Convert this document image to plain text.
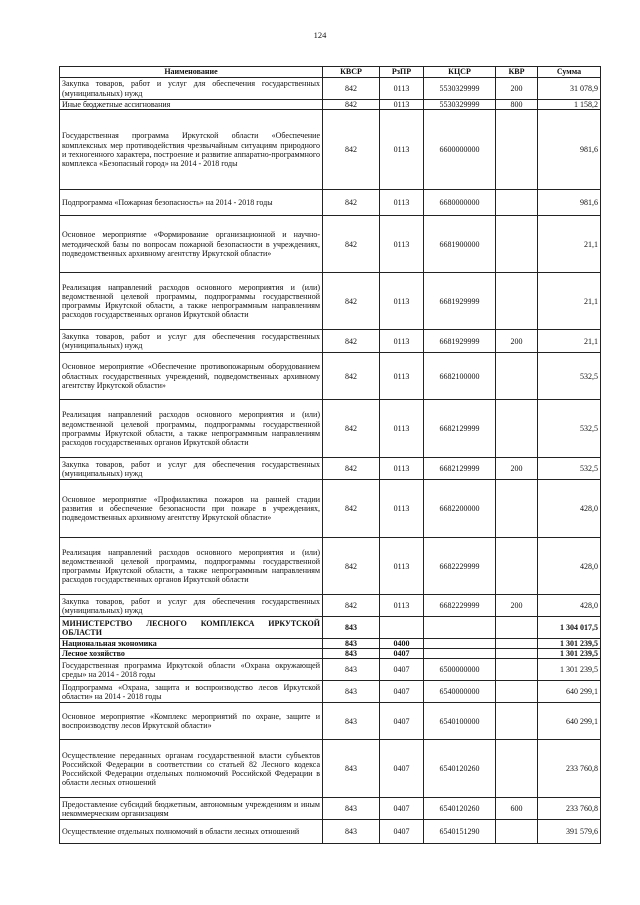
124
Наименование	КВСР	РзПР	КЦСР	КВР	Сумма
Закупка товаров, работ и услуг для обеспечения государственных (муниципальных) нужд	842	0113	5530329999	200	31 078,9
Иные бюджетные ассигнования	842	0113	5530329999	800	1 158,2
Государственная программа Иркутской области «Обеспечение комплексных мер противодействия чрезвычайным ситуациям природного и техногенного характера, построение и развитие аппаратно-программного комплекса «Безопасный город» на 2014 - 2018 годы	842	0113	6600000000		981,6
Подпрограмма «Пожарная безопасность» на 2014 - 2018 годы	842	0113	6680000000		981,6
Основное мероприятие «Формирование организационной и научно-методической базы по вопросам пожарной безопасности в учреждениях, подведомственных архивному агентству Иркутской области»	842	0113	6681900000		21,1
Реализация направлений расходов основного мероприятия и (или) ведомственной целевой программы, подпрограммы государственной программы Иркутской области, а также непрограммным направлениям расходов государственных органов Иркутской области	842	0113	6681929999		21,1
Закупка товаров, работ и услуг для обеспечения государственных (муниципальных) нужд	842	0113	6681929999	200	21,1
Основное мероприятие «Обеспечение противопожарным оборудованием областных государственных учреждений, подведомственных архивному агентству Иркутской области»	842	0113	6682100000		532,5
Реализация направлений расходов основного мероприятия и (или) ведомственной целевой программы, подпрограммы государственной программы Иркутской области, а также непрограммным направлениям расходов государственных органов Иркутской области	842	0113	6682129999		532,5
Закупка товаров, работ и услуг для обеспечения государственных (муниципальных) нужд	842	0113	6682129999	200	532,5
Основное мероприятие «Профилактика пожаров на ранней стадии развития и обеспечение безопасности при пожаре в учреждениях, подведомственных архивному агентству Иркутской области»	842	0113	6682200000		428,0
Реализация направлений расходов основного мероприятия и (или) ведомственной целевой программы, подпрограммы государственной программы Иркутской области, а также непрограммным направлениям расходов государственных органов Иркутской области	842	0113	6682229999		428,0
Закупка товаров, работ и услуг для обеспечения государственных (муниципальных) нужд	842	0113	6682229999	200	428,0
МИНИСТЕРСТВО ЛЕСНОГО КОМПЛЕКСА ИРКУТСКОЙ ОБЛАСТИ	843				1 304 017,5
Национальная экономика	843	0400			1 301 239,5
Лесное хозяйство	843	0407			1 301 239,5
Государственная программа Иркутской области «Охрана окружающей среды» на 2014 - 2018 годы	843	0407	6500000000		1 301 239,5
Подпрограмма «Охрана, защита и воспроизводство лесов Иркутской области» на 2014 - 2018 годы	843	0407	6540000000		640 299,1
Основное мероприятие «Комплекс мероприятий по охране, защите и воспроизводству лесов Иркутской области»	843	0407	6540100000		640 299,1
Осуществление переданных органам государственной власти субъектов Российской Федерации в соответствии со статьей 82 Лесного кодекса Российской Федерации отдельных полномочий Российской Федерации в области лесных отношений	843	0407	6540120260		233 760,8
Предоставление субсидий бюджетным, автономным учреждениям и иным некоммерческим организациям	843	0407	6540120260	600	233 760,8
Осуществление отдельных полномочий в области лесных отношений	843	0407	6540151290		391 579,6
